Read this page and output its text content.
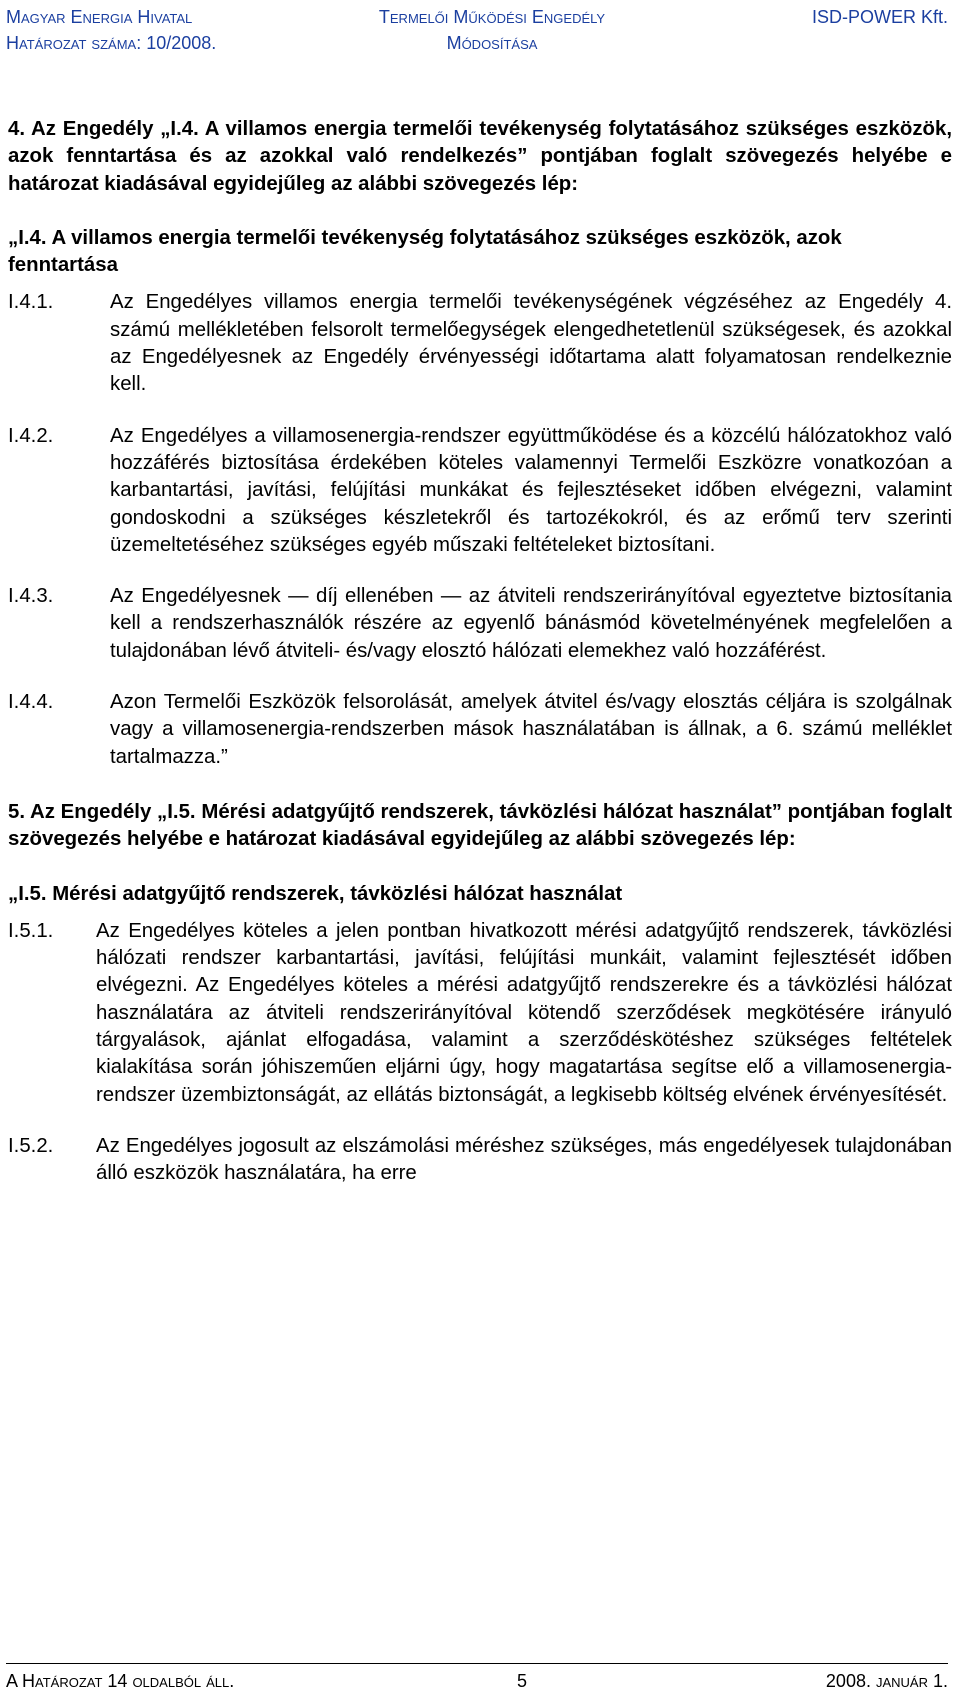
Magyar Energia Hivatal	Termelői Működési Engedély	ISD-POWER Kft.
Határozat száma: 10/2008.	Módosítása

4. Az Engedély „I.4. A villamos energia termelői tevékenység folytatásához szükséges eszközök, azok fenntartása és az azokkal való rendelkezés” pontjában foglalt szövegezés helyébe e határozat kiadásával egyidejűleg az alábbi szövegezés lép:

„I.4. A villamos energia termelői tevékenység folytatásához szükséges eszközök, azok fenntartása

I.4.1.	Az Engedélyes villamos energia termelői tevékenységének végzéséhez az Engedély 4. számú mellékletében felsorolt termelőegységek elengedhetetlenül szükségesek, és azokkal az Engedélyesnek az Engedély érvényességi időtartama alatt folyamatosan rendelkeznie kell.
I.4.2.	Az Engedélyes a villamosenergia-rendszer együttműködése és a közcélú hálózatokhoz való hozzáférés biztosítása érdekében köteles valamennyi Termelői Eszközre vonatkozóan a karbantartási, javítási, felújítási munkákat és fejlesztéseket időben elvégezni, valamint gondoskodni a szükséges készletekről és tartozékokról, és az erőmű terv szerinti üzemeltetéséhez szükséges egyéb műszaki feltételeket biztosítani.
I.4.3.	Az Engedélyesnek — díj ellenében — az átviteli rendszerirányítóval egyeztetve biztosítania kell a rendszerhasználók részére az egyenlő bánásmód követelményének megfelelően a tulajdonában lévő átviteli- és/vagy elosztó hálózati elemekhez való hozzáférést.
I.4.4.	Azon Termelői Eszközök felsorolását, amelyek átvitel és/vagy elosztás céljára is szolgálnak vagy a villamosenergia-rendszerben mások használatában is állnak, a 6. számú melléklet tartalmazza.”

5. Az Engedély „I.5. Mérési adatgyűjtő rendszerek, távközlési hálózat használat” pontjában foglalt szövegezés helyébe e határozat kiadásával egyidejűleg az alábbi szövegezés lép:

„I.5. Mérési adatgyűjtő rendszerek, távközlési hálózat használat

I.5.1.	Az Engedélyes köteles a jelen pontban hivatkozott mérési adatgyűjtő rendszerek, távközlési hálózati rendszer karbantartási, javítási, felújítási munkáit, valamint fejlesztését időben elvégezni. Az Engedélyes köteles a mérési adatgyűjtő rendszerekre és a távközlési hálózat használatára az átviteli rendszerirányítóval kötendő szerződések megkötésére irányuló tárgyalások, ajánlat elfogadása, valamint a szerződéskötéshez szükséges feltételek kialakítása során jóhiszeműen eljárni úgy, hogy magatartása segítse elő a villamosenergia-rendszer üzembiztonságát, az ellátás biztonságát, a legkisebb költség elvének érvényesítését.
I.5.2.	Az Engedélyes jogosult az elszámolási méréshez szükséges, más engedélyesek tulajdonában álló eszközök használatára, ha erre
A Határozat 14 oldalból áll.	5	2008. január 1.
